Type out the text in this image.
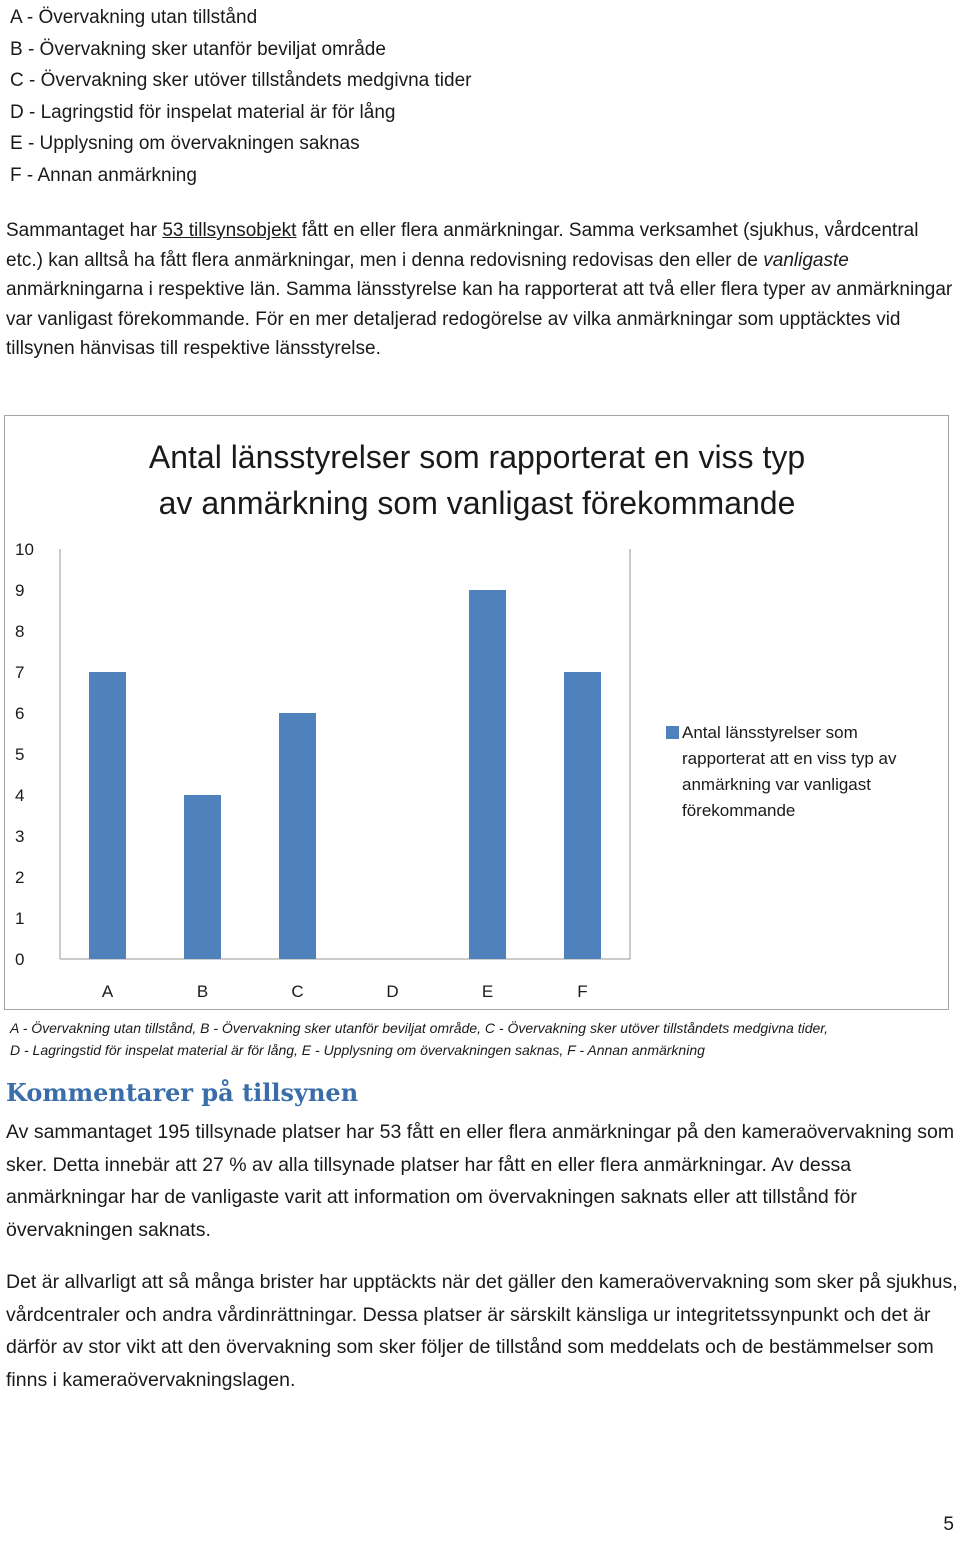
A - Övervakning utan tillstånd
B - Övervakning sker utanför beviljat område
C - Övervakning sker utöver tillståndets medgivna tider
D - Lagringstid för inspelat material är för lång
E - Upplysning om övervakningen saknas
F - Annan anmärkning

Sammantaget har 53 tillsynsobjekt fått en eller flera anmärkningar. Samma verksamhet (sjukhus, vårdcentral etc.) kan alltså ha fått flera anmärkningar, men i denna redovisning redovisas den eller de vanligaste anmärkningarna i respektive län. Samma länsstyrelse kan ha rapporterat att två eller flera typer av anmärkningar var vanligast förekommande. För en mer detaljerad redogörelse av vilka anmärkningar som upptäcktes vid tillsynen hänvisas till respektive länsstyrelse.

Antal länsstyrelser som rapporterat en viss typ
av anmärkning som vanligast förekommande
0
1
2
3
4
5
6
7
8
9
10
A	B	C	D	E	F
Antal länsstyrelser som
rapporterat att en viss typ av
anmärkning var vanligast
förekommande
A - Övervakning utan tillstånd, B - Övervakning sker utanför beviljat område, C - Övervakning sker utöver tillståndets medgivna tider,
D - Lagringstid för inspelat material är för lång, E - Upplysning om övervakningen saknas, F - Annan anmärkning
Kommentarer på tillsynen

Av sammantaget 195 tillsynade platser har 53 fått en eller flera anmärkningar på den kameraövervakning som sker. Detta innebär att 27 % av alla tillsynade platser har fått en eller flera anmärkningar. Av dessa anmärkningar har de vanligaste varit att information om övervakningen saknats eller att tillstånd för övervakningen saknats.

Det är allvarligt att så många brister har upptäckts när det gäller den kameraövervakning som sker på sjukhus, vårdcentraler och andra vårdinrättningar. Dessa platser är särskilt känsliga ur integritetssynpunkt och det är därför av stor vikt att den övervakning som sker följer de tillstånd som meddelats och de bestämmelser som finns i kameraövervakningslagen.

5
